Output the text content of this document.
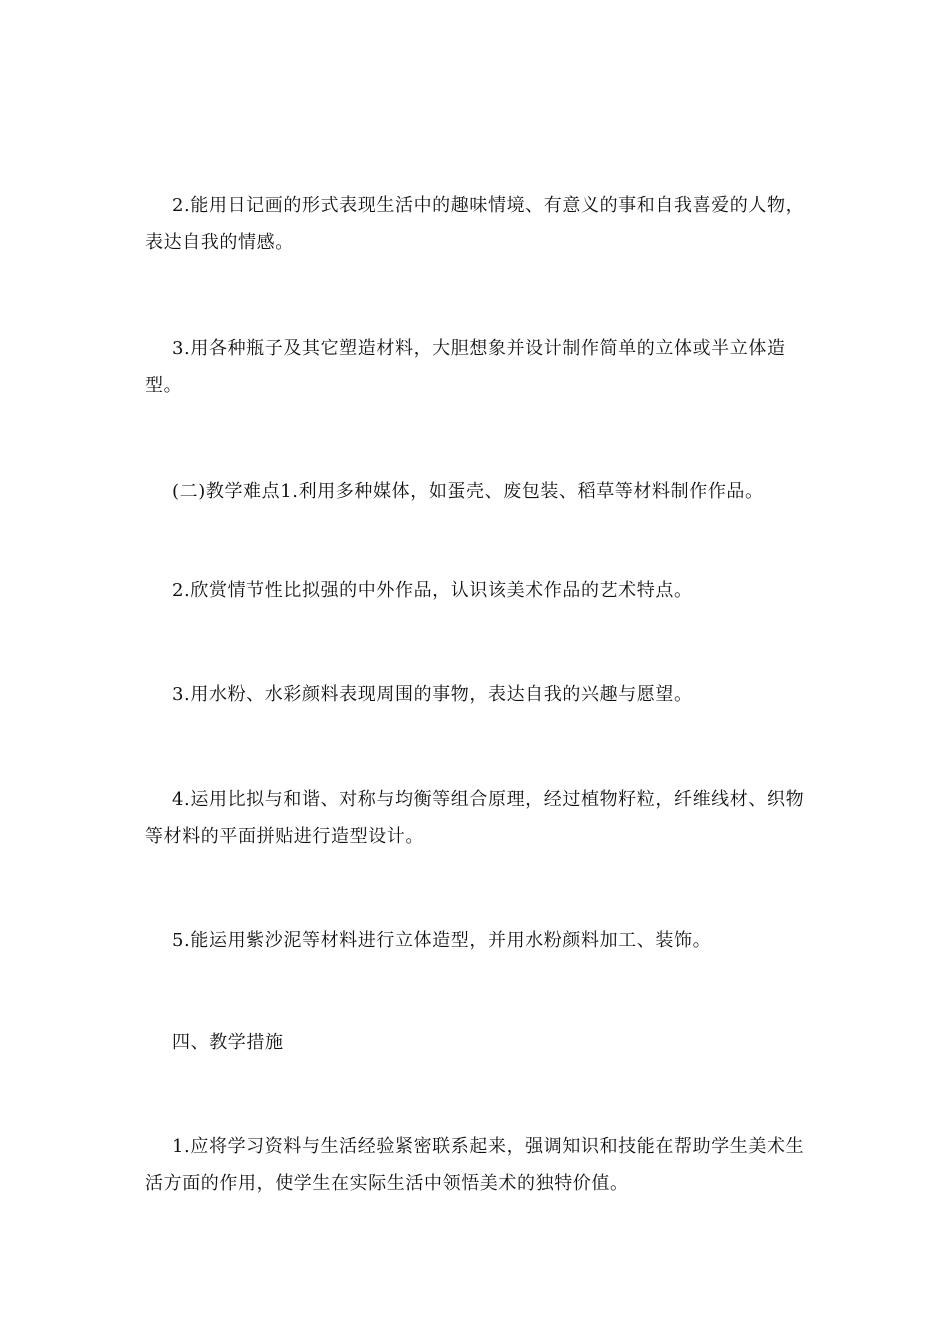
2.能用日记画的形式表现生活中的趣味情境、有意义的事和自我喜爱的人物，表达自我的情感。

3.用各种瓶子及其它塑造材料，大胆想象并设计制作简单的立体或半立体造型。

(二)教学难点1.利用多种媒体，如蛋壳、废包装、稻草等材料制作作品。

2.欣赏情节性比拟强的中外作品，认识该美术作品的艺术特点。

3.用水粉、水彩颜料表现周围的事物，表达自我的兴趣与愿望。

4.运用比拟与和谐、对称与均衡等组合原理，经过植物籽粒，纤维线材、织物等材料的平面拼贴进行造型设计。

5.能运用紫沙泥等材料进行立体造型，并用水粉颜料加工、装饰。

四、教学措施

1.应将学习资料与生活经验紧密联系起来，强调知识和技能在帮助学生美术生活方面的作用，使学生在实际生活中领悟美术的独特价值。
